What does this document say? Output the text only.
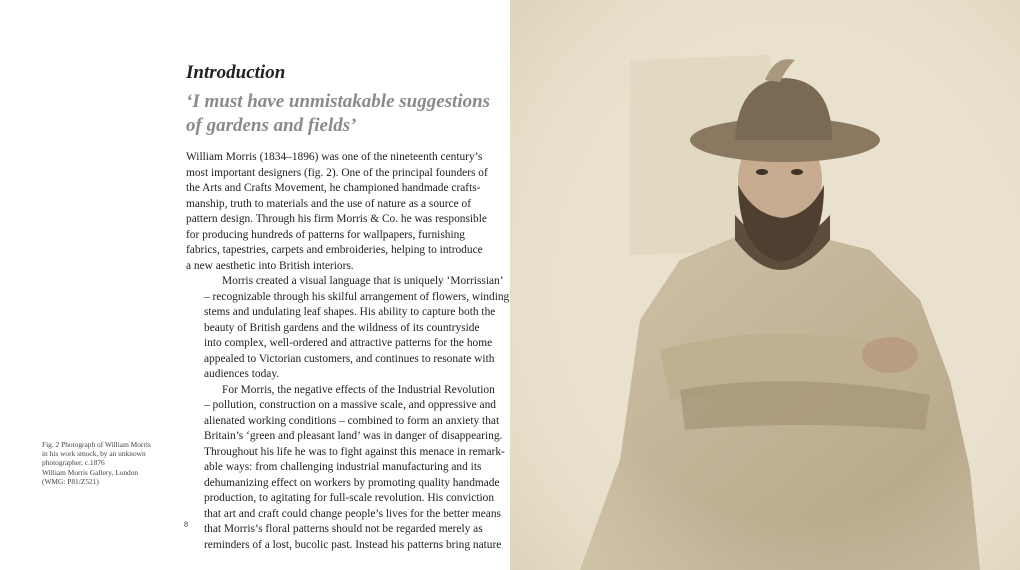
Introduction
‘I must have unmistakable suggestions
of gardens and fields’

William Morris (1834–1896) was one of the nineteenth century’s
most important designers (fig. 2). One of the principal founders of
the Arts and Crafts Movement, he championed handmade crafts-
manship, truth to materials and the use of nature as a source of
pattern design. Through his firm Morris & Co. he was responsible
for producing hundreds of patterns for wallpapers, furnishing
fabrics, tapestries, carpets and embroideries, helping to introduce
a new aesthetic into British interiors.

Morris created a visual language that is uniquely ‘Morrissian’
– recognizable through his skilful arrangement of flowers, winding
stems and undulating leaf shapes. His ability to capture both the
beauty of British gardens and the wildness of its countryside
into complex, well-ordered and attractive patterns for the home
appealed to Victorian customers, and continues to resonate with
audiences today.

For Morris, the negative effects of the Industrial Revolution
– pollution, construction on a massive scale, and oppressive and
alienated working conditions – combined to form an anxiety that
Britain’s ‘green and pleasant land’ was in danger of disappearing.
Throughout his life he was to fight against this menace in remark-
able ways: from challenging industrial manufacturing and its
dehumanizing effect on workers by promoting quality handmade
production, to agitating for full-scale revolution. His conviction
that art and craft could change people’s lives for the better means
that Morris’s floral patterns should not be regarded merely as
reminders of a lost, bucolic past. Instead his patterns bring nature

Fig. 2 Photograph of William Morris
in his work smock, by an unknown
photographer, c.1876
William Morris Gallery, London
(WMG: P81/Z521)
8
